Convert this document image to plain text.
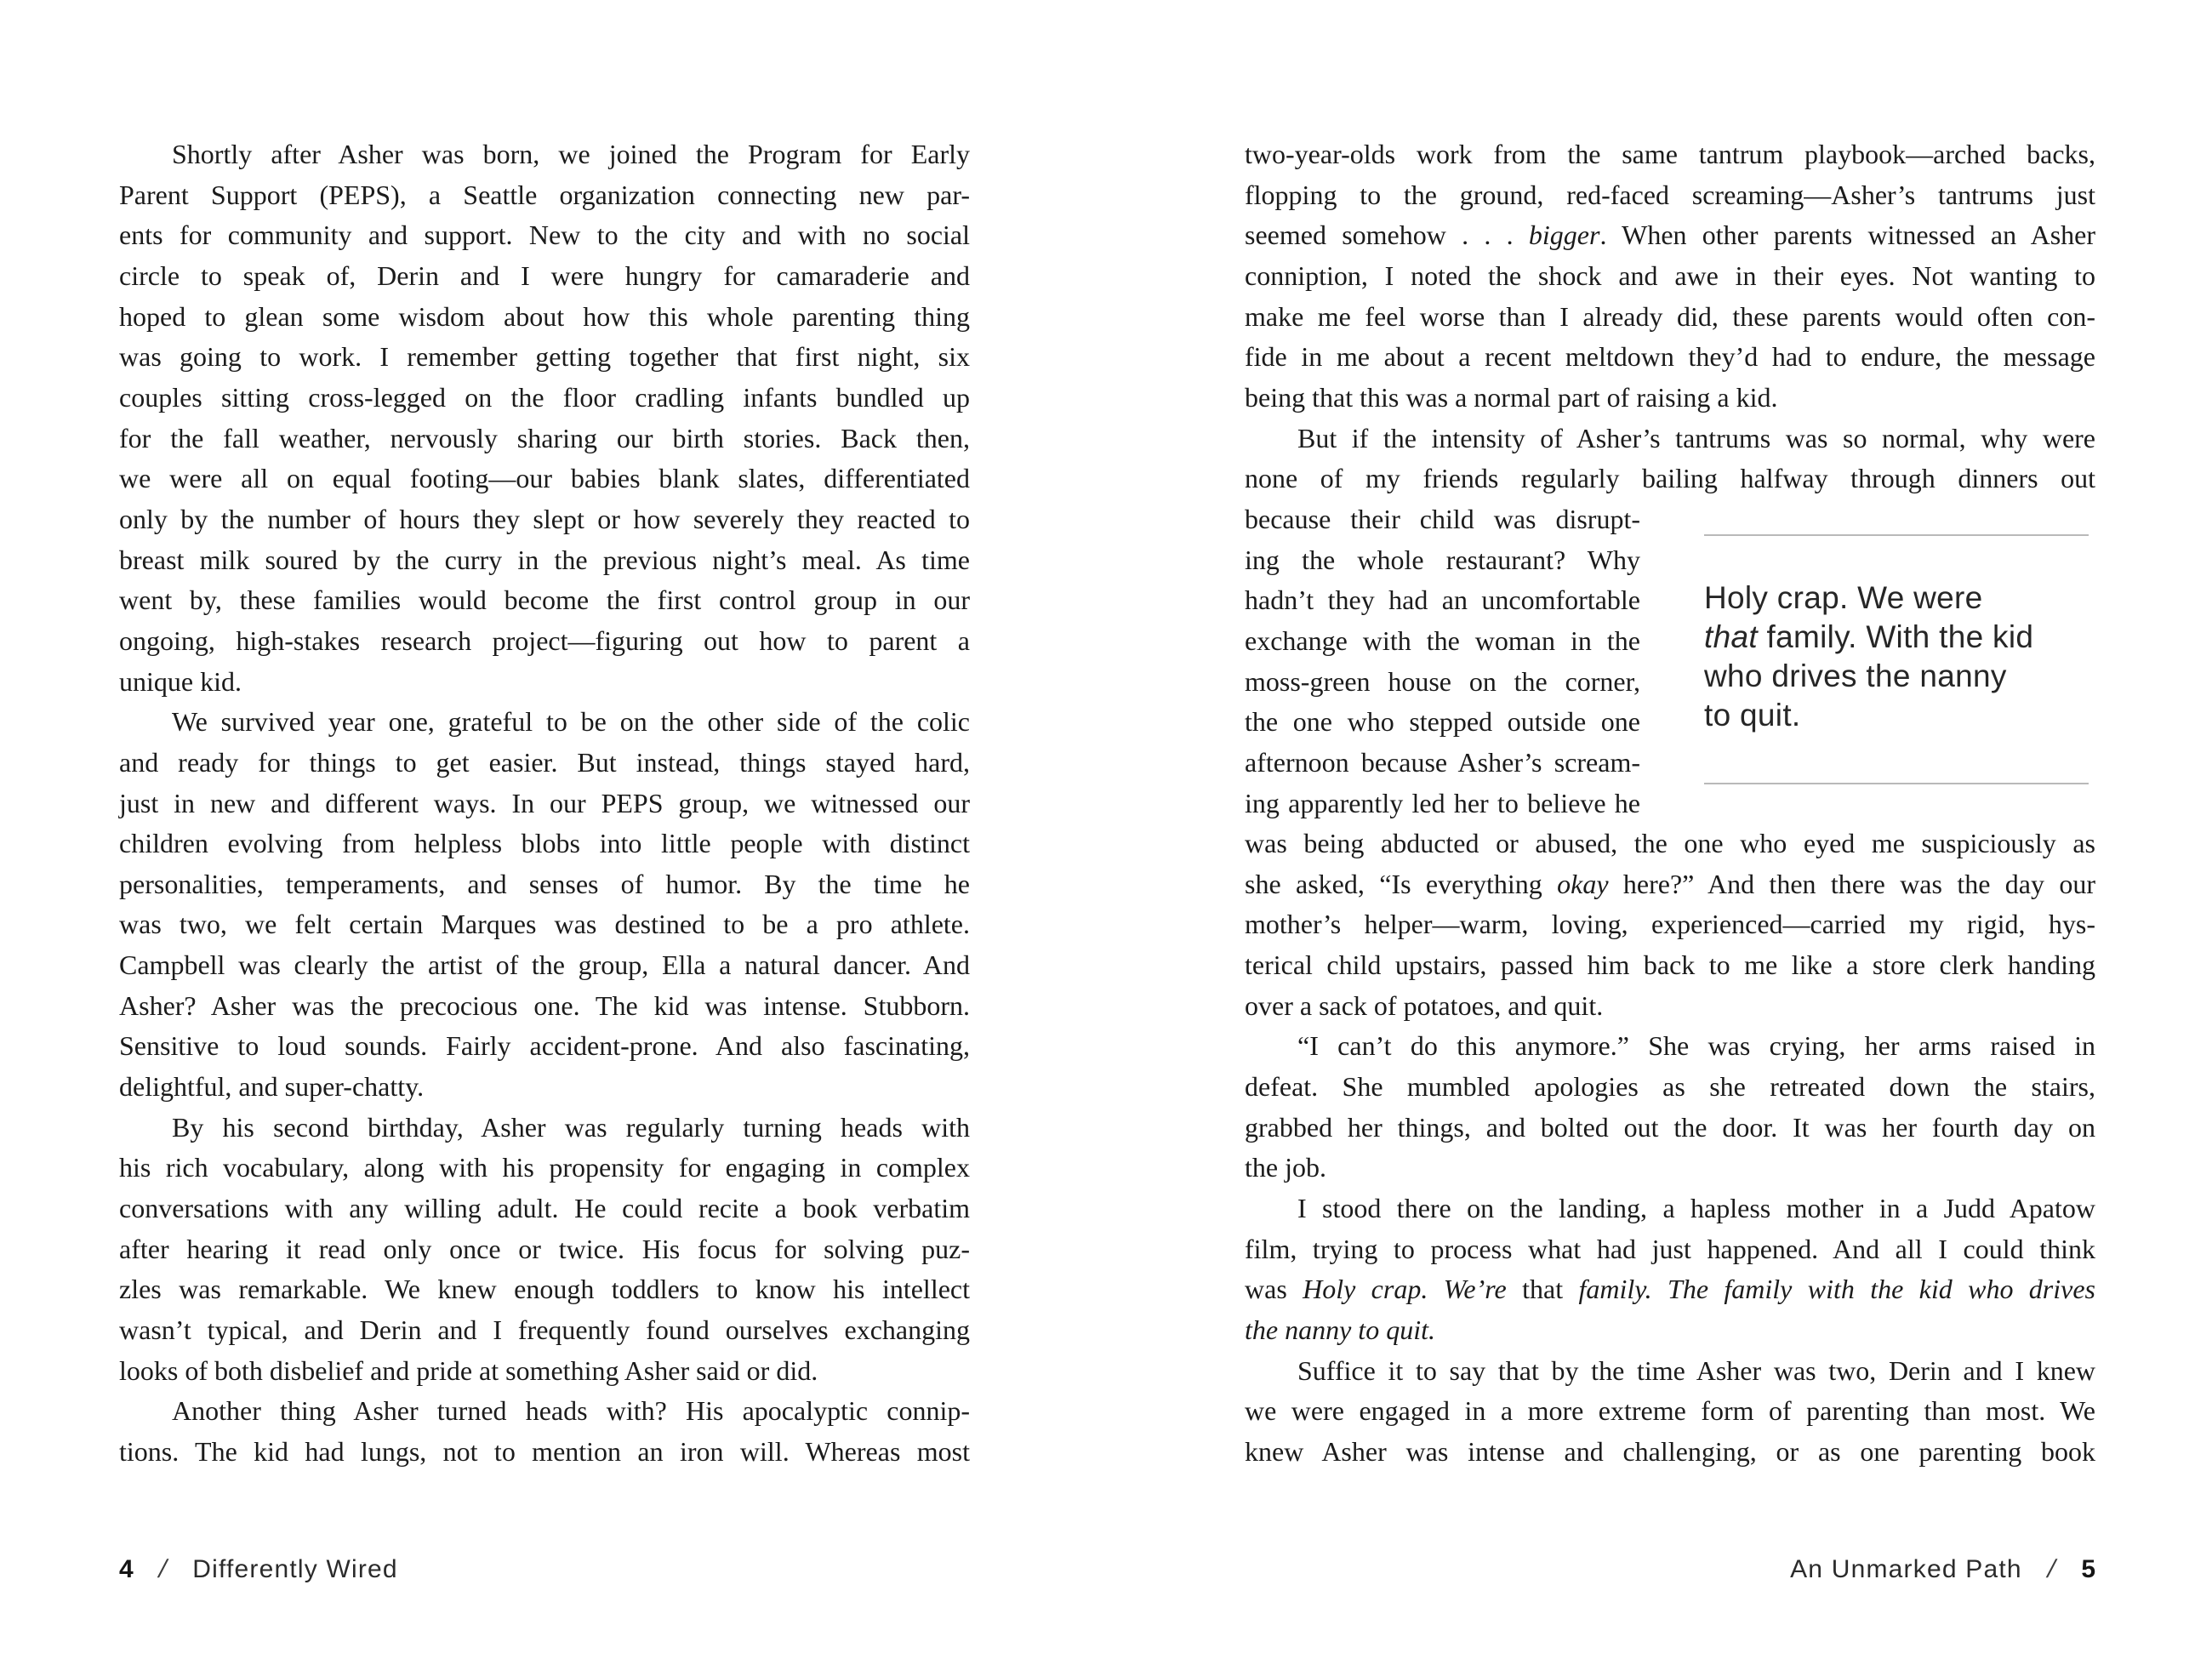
Shortly after Asher was born, we joined the Program for Early
Parent Support (PEPS), a Seattle organization connecting new par-
ents for community and support. New to the city and with no social
circle to speak of, Derin and I were hungry for camaraderie and
hoped to glean some wisdom about how this whole parenting thing
was going to work. I remember getting together that first night, six
couples sitting cross-legged on the floor cradling infants bundled up
for the fall weather, nervously sharing our birth stories. Back then,
we were all on equal footing—our babies blank slates, differentiated
only by the number of hours they slept or how severely they reacted to
breast milk soured by the curry in the previous night’s meal. As time
went by, these families would become the first control group in our
ongoing, high-stakes research project—figuring out how to parent a
unique kid.
We survived year one, grateful to be on the other side of the colic
and ready for things to get easier. But instead, things stayed hard,
just in new and different ways. In our PEPS group, we witnessed our
children evolving from helpless blobs into little people with distinct
personalities, temperaments, and senses of humor. By the time he
was two, we felt certain Marques was destined to be a pro athlete.
Campbell was clearly the artist of the group, Ella a natural dancer. And
Asher? Asher was the precocious one. The kid was intense. Stubborn.
Sensitive to loud sounds. Fairly accident-prone. And also fascinating,
delightful, and super-chatty.
By his second birthday, Asher was regularly turning heads with
his rich vocabulary, along with his propensity for engaging in complex
conversations with any willing adult. He could recite a book verbatim
after hearing it read only once or twice. His focus for solving puz-
zles was remarkable. We knew enough toddlers to know his intellect
wasn’t typical, and Derin and I frequently found ourselves exchanging
looks of both disbelief and pride at something Asher said or did.
Another thing Asher turned heads with? His apocalyptic connip-
tions. The kid had lungs, not to mention an iron will. Whereas most
Holy crap. We were
that family. With the kid
who drives the nanny
to quit.
two-year-olds work from the same tantrum playbook—arched backs,
flopping to the ground, red-faced screaming—Asher’s tantrums just
seemed somehow . . . bigger. When other parents witnessed an Asher
conniption, I noted the shock and awe in their eyes. Not wanting to
make me feel worse than I already did, these parents would often con-
fide in me about a recent meltdown they’d had to endure, the message
being that this was a normal part of raising a kid.
But if the intensity of Asher’s tantrums was so normal, why were
none of my friends regularly bailing halfway through dinners out
because their child was disrupt-
ing the whole restaurant? Why
hadn’t they had an uncomfortable
exchange with the woman in the
moss-green house on the corner,
the one who stepped outside one
afternoon because Asher’s scream-
ing apparently led her to believe he
was being abducted or abused, the one who eyed me suspiciously as
she asked, “Is everything okay here?” And then there was the day our
mother’s helper—warm, loving, experienced—carried my rigid, hys-
terical child upstairs, passed him back to me like a store clerk handing
over a sack of potatoes, and quit.
“I can’t do this anymore.” She was crying, her arms raised in
defeat. She mumbled apologies as she retreated down the stairs,
grabbed her things, and bolted out the door. It was her fourth day on
the job.
I stood there on the landing, a hapless mother in a Judd Apatow
film, trying to process what had just happened. And all I could think
was Holy crap. We’re that family. The family with the kid who drives
the nanny to quit.
Suffice it to say that by the time Asher was two, Derin and I knew
we were engaged in a more extreme form of parenting than most. We
knew Asher was intense and challenging, or as one parenting book
4 / Differently Wired	An Unmarked Path / 5
